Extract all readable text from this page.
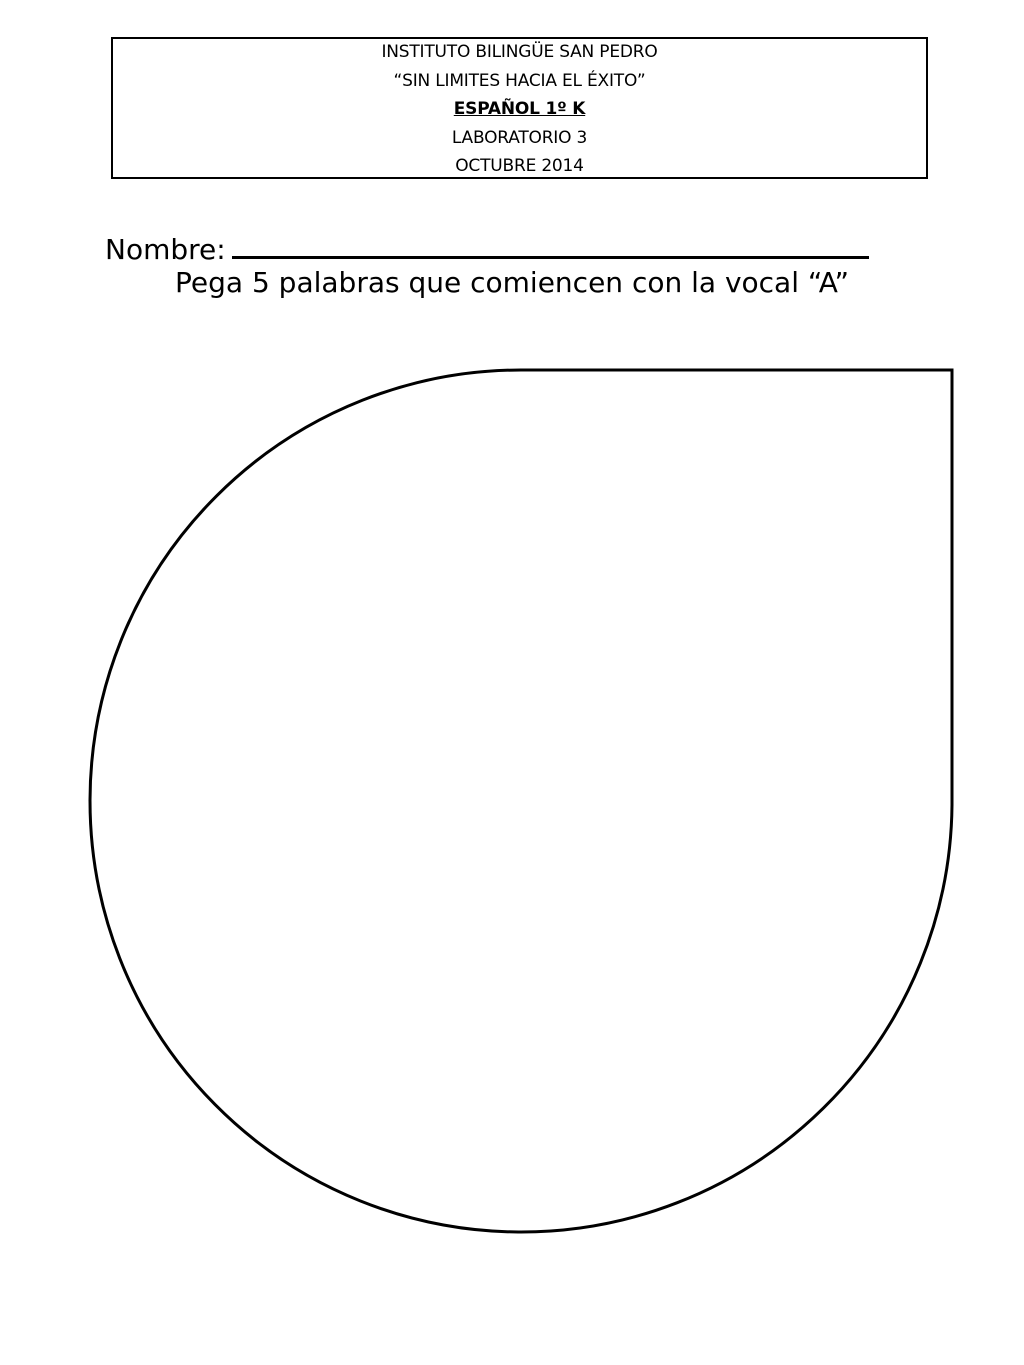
INSTITUTO BILINGÜE SAN PEDRO
“SIN LIMITES HACIA EL ÉXITO”
ESPAÑOL 1º K
LABORATORIO 3
OCTUBRE 2014
Nombre:
Pega 5 palabras que comiencen con la vocal “A”
